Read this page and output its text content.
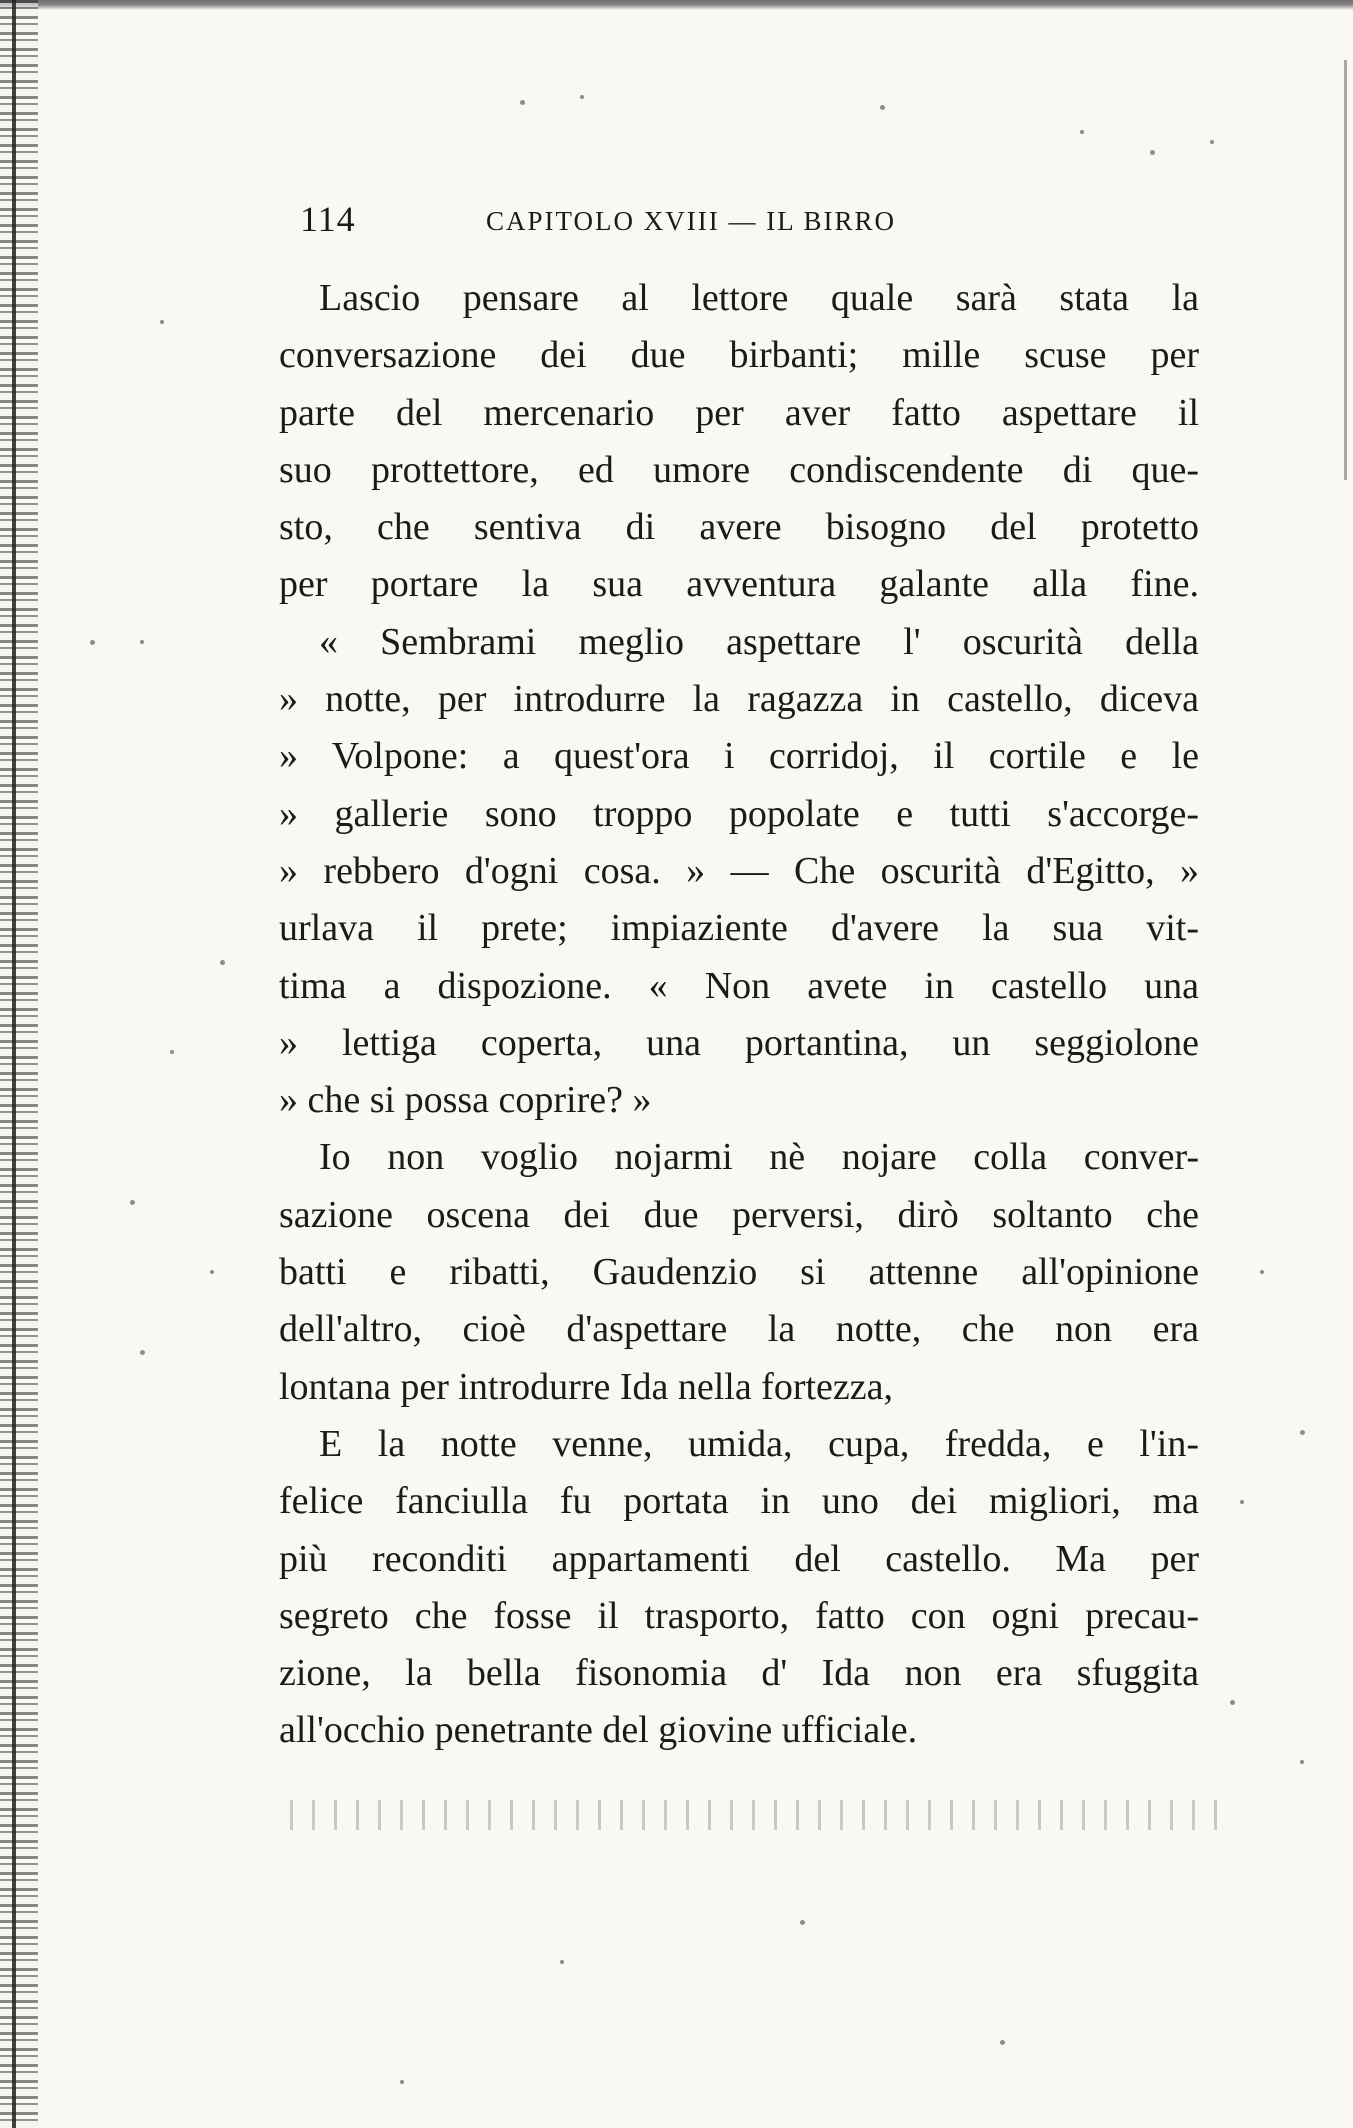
114	CAPITOLO XVIII — IL BIRRO
Lascio pensare al lettore quale sarà stata la
conversazione dei due birbanti; mille scuse per
parte del mercenario per aver fatto aspettare il
suo prottettore, ed umore condiscendente di que-
sto, che sentiva di avere bisogno del protetto
per portare la sua avventura galante alla fine.
« Sembrami meglio aspettare l' oscurità della
» notte, per introdurre la ragazza in castello, diceva
» Volpone: a quest'ora i corridoj, il cortile e le
» gallerie sono troppo popolate e tutti s'accorge-
» rebbero d'ogni cosa. » — Che oscurità d'Egitto, »
urlava il prete; impiaziente d'avere la sua vit-
tima a dispozione. « Non avete in castello una
» lettiga coperta, una portantina, un seggiolone
» che si possa coprire? »
Io non voglio nojarmi nè nojare colla conver-
sazione oscena dei due perversi, dirò soltanto che
batti e ribatti, Gaudenzio si attenne all'opinione
dell'altro, cioè d'aspettare la notte, che non era
lontana per introdurre Ida nella fortezza,
E la notte venne, umida, cupa, fredda, e l'in-
felice fanciulla fu portata in uno dei migliori, ma
più reconditi appartamenti del castello. Ma per
segreto che fosse il trasporto, fatto con ogni precau-
zione, la bella fisonomia d' Ida non era sfuggita
all'occhio penetrante del giovine ufficiale.
